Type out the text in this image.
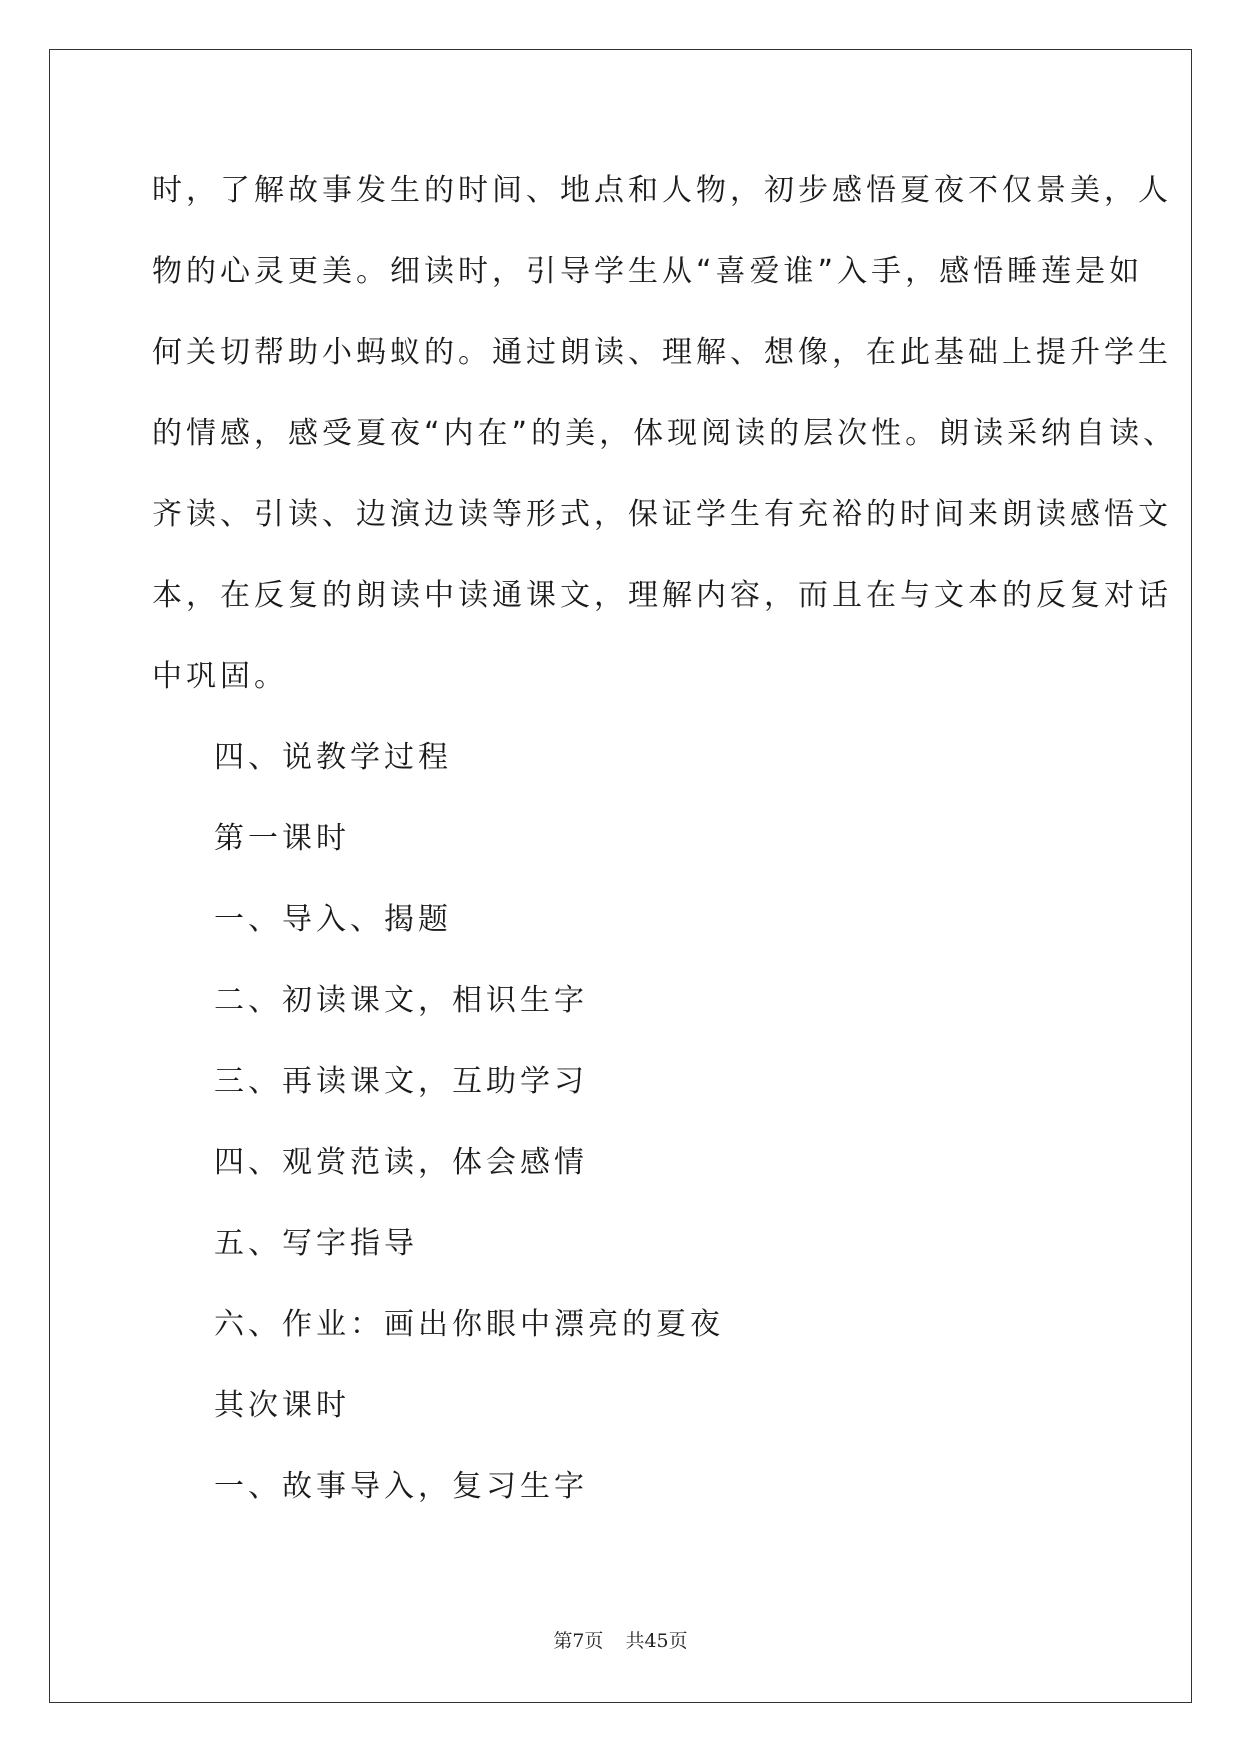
时，了解故事发生的时间、地点和人物，初步感悟夏夜不仅景美，人
物的心灵更美。细读时，引导学生从“喜爱谁”入手，感悟睡莲是如
何关切帮助小蚂蚁的。通过朗读、理解、想像，在此基础上提升学生
的情感，感受夏夜“内在”的美，体现阅读的层次性。朗读采纳自读、
齐读、引读、边演边读等形式，保证学生有充裕的时间来朗读感悟文
本，在反复的朗读中读通课文，理解内容，而且在与文本的反复对话
中巩固。
四、说教学过程
第一课时
一、导入、揭题
二、初读课文，相识生字
三、再读课文，互助学习
四、观赏范读，体会感情
五、写字指导
六、作业：画出你眼中漂亮的夏夜
其次课时
一、故事导入，复习生字
第7页 共45页
